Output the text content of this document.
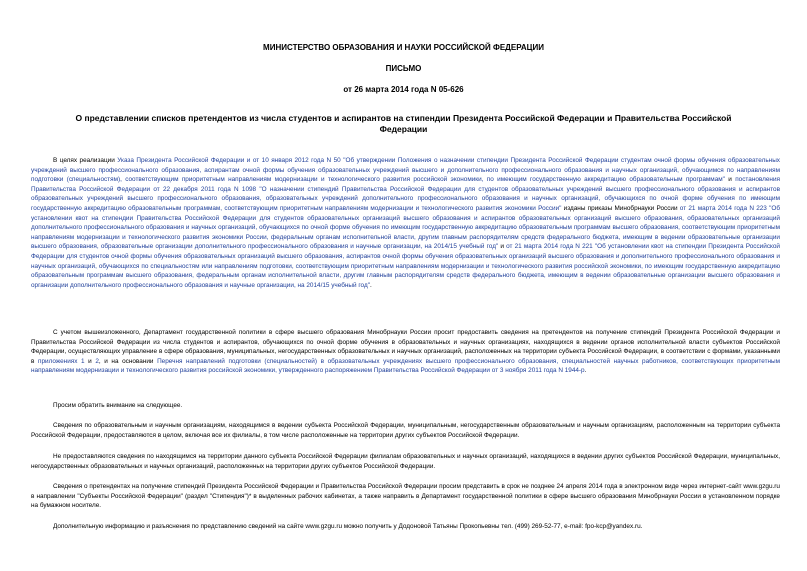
МИНИСТЕРСТВО ОБРАЗОВАНИЯ И НАУКИ РОССИЙСКОЙ ФЕДЕРАЦИИ
ПИСЬМО
от 26 марта 2014 года N 05-626
О представлении списков претендентов из числа студентов и аспирантов на стипендии Президента Российской Федерации и Правительства Российской Федерации

В целях реализации Указа Президента Российской Федерации и от 10 января 2012 года N 50 "Об утверждении Положения о назначении стипендии Президента Российской Федерации студентам очной формы обучения образовательных учреждений высшего профессионального образования, аспирантам очной формы обучения образовательных учреждений высшего и дополнительного профессионального образования и научных организаций, обучающимся по направлениям подготовки (специальностям), соответствующим приоритетным направлениям модернизации и технологического развития российской экономики, по имеющим государственную аккредитацию образовательным программам" и постановления Правительства Российской Федерации от 22 декабря 2011 года N 1098 "О назначении стипендий Правительства Российской Федерации для студентов образовательных учреждений высшего профессионального образования и аспирантов образовательных учреждений высшего профессионального образования, образовательных учреждений дополнительного профессионального образования и научных организаций, обучающихся по очной форме обучения по имеющим государственную аккредитацию образовательным программам, соответствующим приоритетным направлениям модернизации и технологического развития экономики России" изданы приказы Минобрнауки России от 21 марта 2014 года N 223 "Об установлении квот на стипендии Правительства Российской Федерации для студентов образовательных организаций высшего образования и аспирантов образовательных организаций высшего образования, образовательных организаций дополнительного профессионального образования и научных организаций, обучающихся по очной форме обучения по имеющим государственную аккредитацию образовательным программам высшего образования, соответствующим приоритетным направлениям модернизации и технологического развития экономики России, федеральным органам исполнительной власти, другим главным распорядителям средств федерального бюджета, имеющим в ведении образовательные организации высшего образования, образовательные организации дополнительного профессионального образования и научные организации, на 2014/15 учебный год" и от 21 марта 2014 года N 221 "Об установлении квот на стипендии Президента Российской Федерации для студентов очной формы обучения образовательных организаций высшего образования, аспирантов очной формы обучения образовательных организаций высшего образования и дополнительного профессионального образования и научных организаций, обучающихся по специальностям или направлениям подготовки, соответствующим приоритетным направлениям модернизации и технологического развития российской экономики, по имеющим государственную аккредитацию образовательным программам высшего образования, федеральным органам исполнительной власти, другим главным распорядителям средств федерального бюджета, имеющим в ведении образовательные организации высшего образования и организации дополнительного профессионального образования и научные организации, на 2014/15 учебный год".

С учетом вышеизложенного, Департамент государственной политики в сфере высшего образования Минобрнауки России просит предоставить сведения на претендентов на получение стипендий Президента Российской Федерации и Правительства Российской Федерации из числа студентов и аспирантов, обучающихся по очной форме обучения в образовательных и научных организациях, находящихся в ведении органов исполнительной власти субъектов Российской Федерации, осуществляющих управление в сфере образования, муниципальных, негосударственных образовательных и научных организаций, расположенных на территории субъекта Российской Федерации, в соответствии с формами, указанными в приложениях 1 и 2, и на основании Перечня направлений подготовки (специальностей) в образовательных учреждениях высшего профессионального образования, специальностей научных работников, соответствующих приоритетным направлениям модернизации и технологического развития российской экономики, утвержденного распоряжением Правительства Российской Федерации от 3 ноября 2011 года N 1944-р.

Просим обратить внимание на следующее.

Сведения по образовательным и научным организациям, находящимся в ведении субъекта Российской Федерации, муниципальным, негосударственным образовательным и научным организациям, расположенным на территории субъекта Российской Федерации, предоставляются в целом, включая все их филиалы, в том числе расположенные на территории других субъектов Российской Федерации.

Не предоставляются сведения по находящимся на территории данного субъекта Российской Федерации филиалам образовательных и научных организаций, находящихся в ведении других субъектов Российской Федерации, муниципальных, негосударственных образовательных и научных организаций, расположенных на территории других субъектов Российской Федерации.

Сведения о претендентах на получение стипендий Президента Российской Федерации и Правительства Российской Федерации просим представить в срок не позднее 24 апреля 2014 года в электронном виде через интернет-сайт www.gzgu.ru в направлении "Субъекты Российской Федерации" (раздел "Стипендия")* в выделенных рабочих кабинетах, а также направить в Департамент государственной политики в сфере высшего образования Минобрнауки России в установленном порядке на бумажном носителе.

Дополнительную информацию и разъяснения по представлению сведений на сайте www.gzgu.ru можно получить у Додоновой Татьяны Прокопьевны тел. (499) 269-52-77, e-mail: fpo-kcp@yandex.ru.
